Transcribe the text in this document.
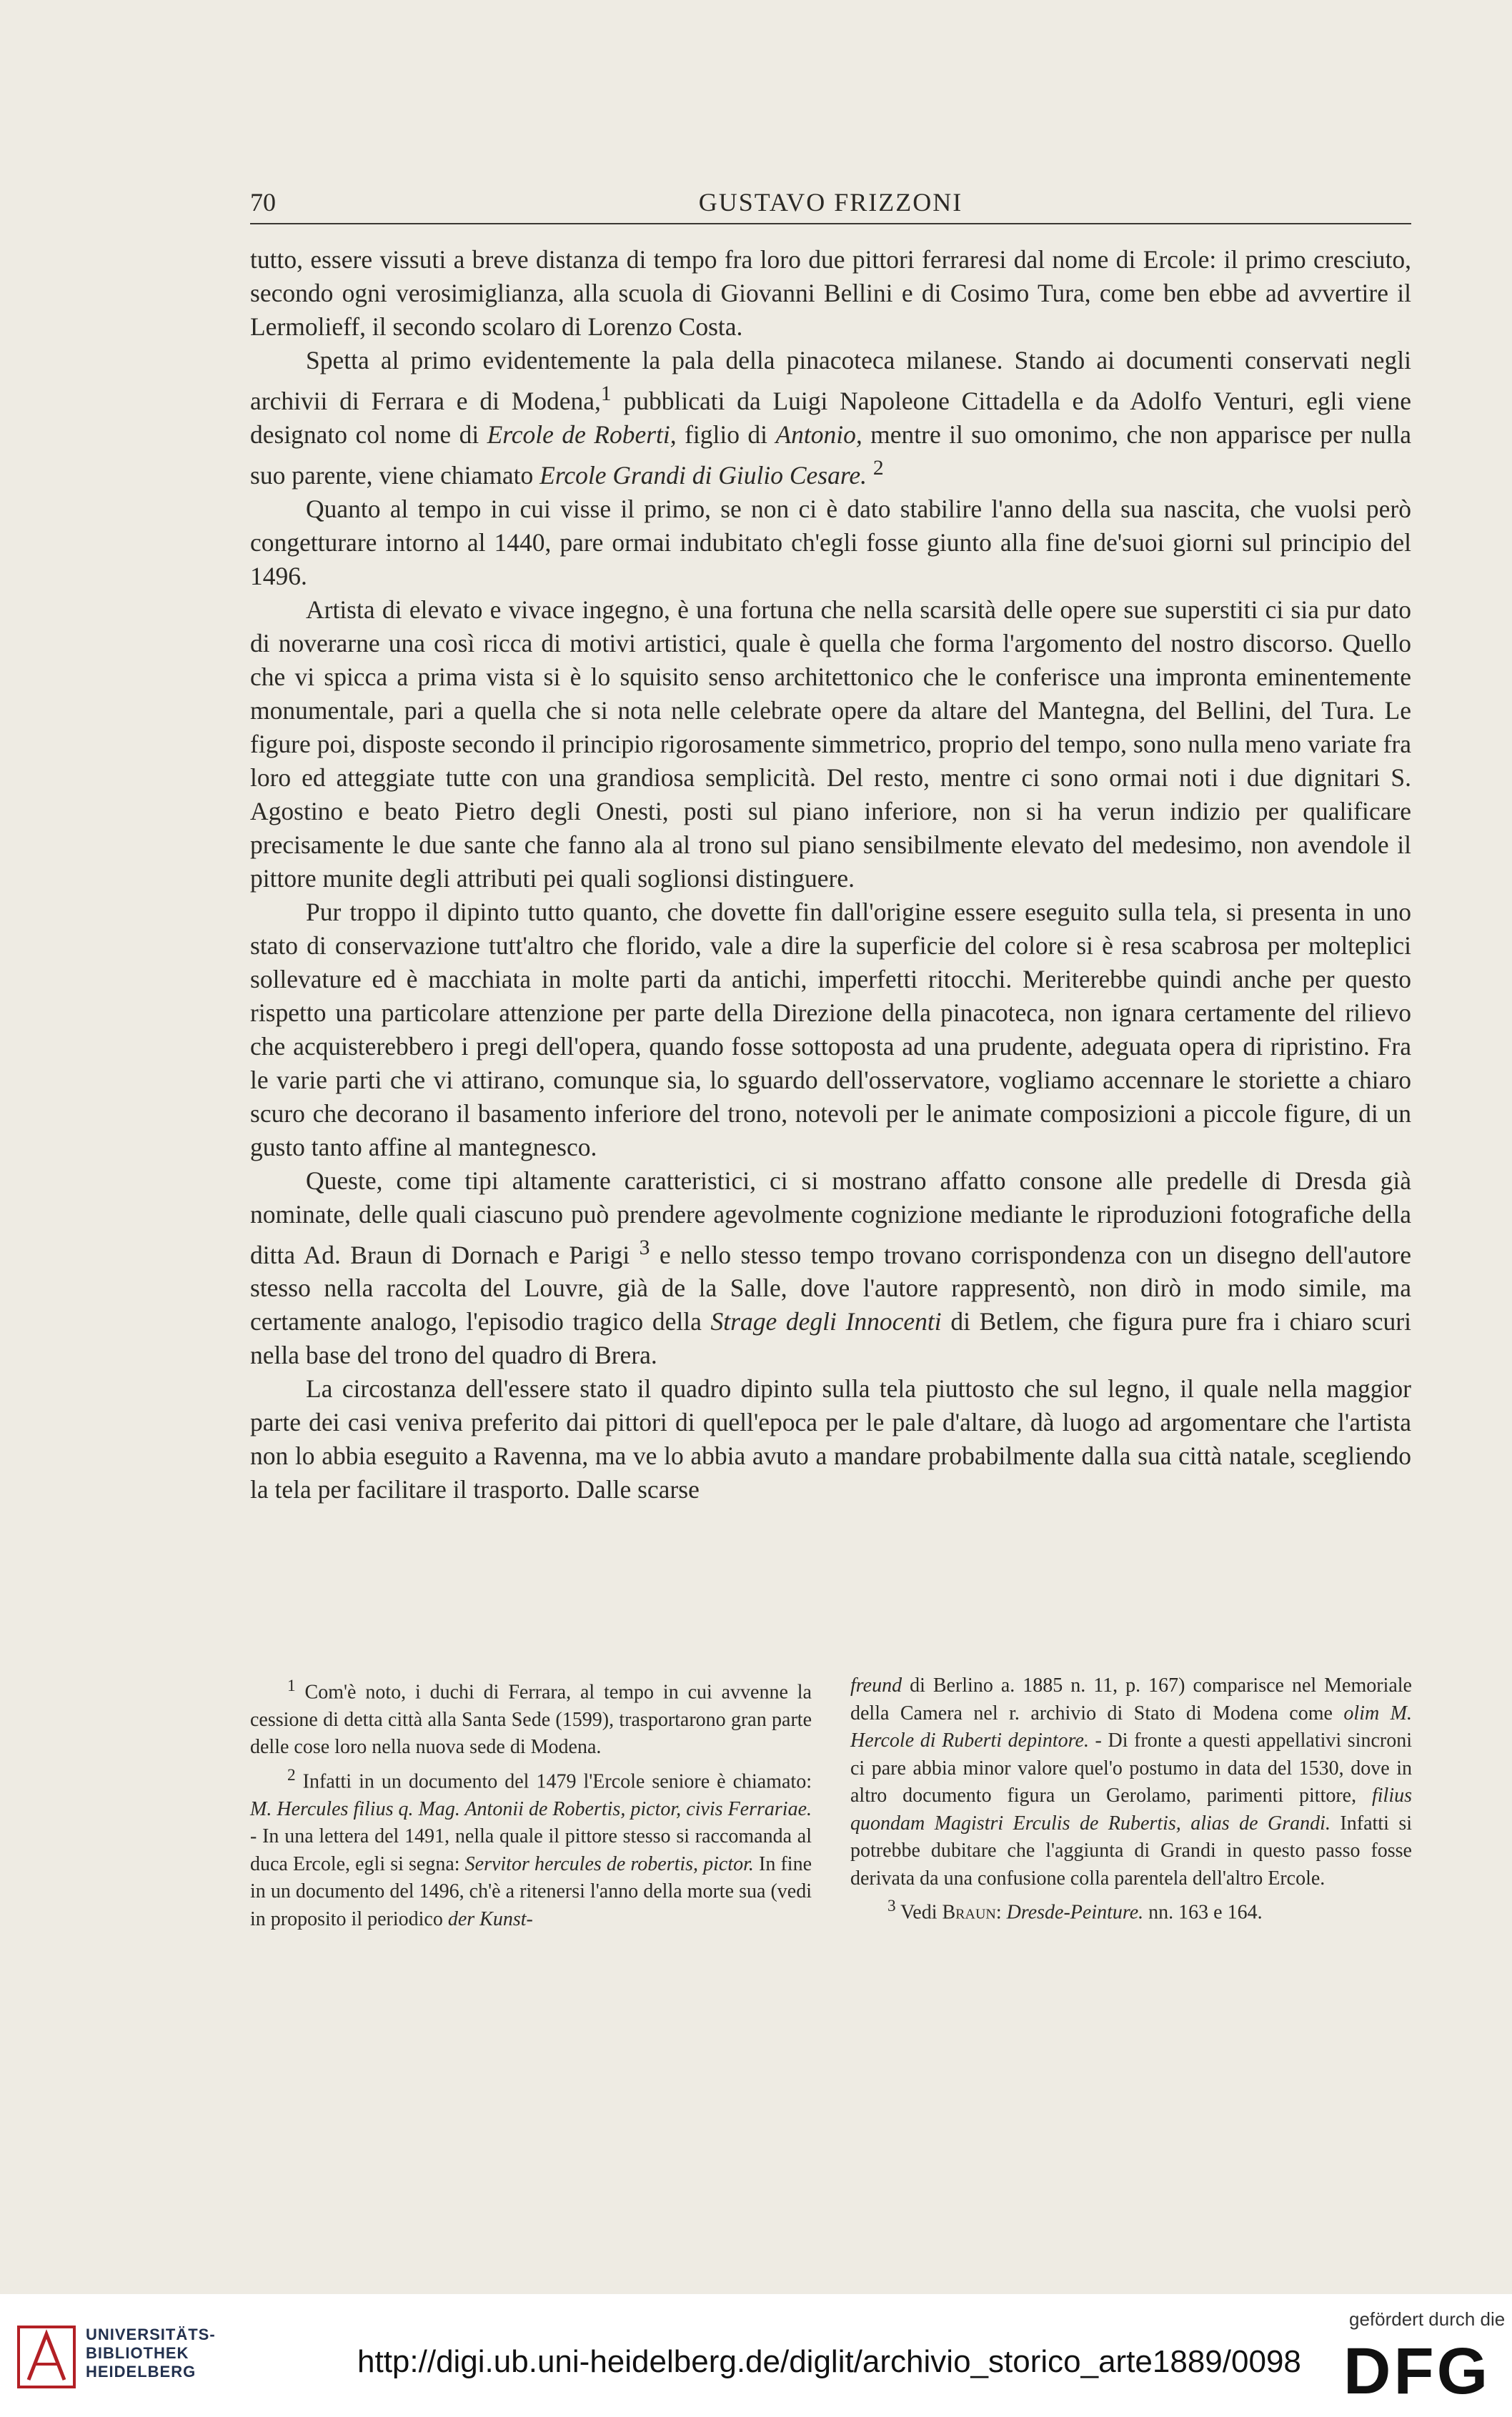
70	GUSTAVO FRIZZONI

tutto, essere vissuti a breve distanza di tempo fra loro due pittori ferraresi dal nome di Ercole: il primo cresciuto, secondo ogni verosimiglianza, alla scuola di Giovanni Bellini e di Cosimo Tura, come ben ebbe ad avvertire il Lermolieff, il secondo scolaro di Lorenzo Costa.

Spetta al primo evidentemente la pala della pinacoteca milanese. Stando ai documenti conservati negli archivii di Ferrara e di Modena,$^1$ pubblicati da Luigi Napoleone Cittadella e da Adolfo Venturi, egli viene designato col nome di Ercole de Roberti, figlio di Antonio, mentre il suo omonimo, che non apparisce per nulla suo parente, viene chiamato Ercole Grandi di Giulio Cesare. $^2$

Quanto al tempo in cui visse il primo, se non ci è dato stabilire l'anno della sua nascita, che vuolsi però congetturare intorno al 1440, pare ormai indubitato ch'egli fosse giunto alla fine de'suoi giorni sul principio del 1496.

Artista di elevato e vivace ingegno, è una fortuna che nella scarsità delle opere sue superstiti ci sia pur dato di noverarne una così ricca di motivi artistici, quale è quella che forma l'argomento del nostro discorso. Quello che vi spicca a prima vista si è lo squisito senso architettonico che le conferisce una impronta eminentemente monumentale, pari a quella che si nota nelle celebrate opere da altare del Mantegna, del Bellini, del Tura. Le figure poi, disposte secondo il principio rigorosamente simmetrico, proprio del tempo, sono nulla meno variate fra loro ed atteggiate tutte con una grandiosa semplicità. Del resto, mentre ci sono ormai noti i due dignitari S. Agostino e beato Pietro degli Onesti, posti sul piano inferiore, non si ha verun indizio per qualificare precisamente le due sante che fanno ala al trono sul piano sensibilmente elevato del medesimo, non avendole il pittore munite degli attributi pei quali soglionsi distinguere.

Pur troppo il dipinto tutto quanto, che dovette fin dall'origine essere eseguito sulla tela, si presenta in uno stato di conservazione tutt'altro che florido, vale a dire la superficie del colore si è resa scabrosa per molteplici sollevature ed è macchiata in molte parti da antichi, imperfetti ritocchi. Meriterebbe quindi anche per questo rispetto una particolare attenzione per parte della Direzione della pinacoteca, non ignara certamente del rilievo che acquisterebbero i pregi dell'opera, quando fosse sottoposta ad una prudente, adeguata opera di ripristino. Fra le varie parti che vi attirano, comunque sia, lo sguardo dell'osservatore, vogliamo accennare le storiette a chiaro scuro che decorano il basamento inferiore del trono, notevoli per le animate composizioni a piccole figure, di un gusto tanto affine al mantegnesco.

Queste, come tipi altamente caratteristici, ci si mostrano affatto consone alle predelle di Dresda già nominate, delle quali ciascuno può prendere agevolmente cognizione mediante le riproduzioni fotografiche della ditta Ad. Braun di Dornach e Parigi $^3$ e nello stesso tempo trovano corrispondenza con un disegno dell'autore stesso nella raccolta del Louvre, già de la Salle, dove l'autore rappresentò, non dirò in modo simile, ma certamente analogo, l'episodio tragico della Strage degli Innocenti di Betlem, che figura pure fra i chiaro scuri nella base del trono del quadro di Brera.

La circostanza dell'essere stato il quadro dipinto sulla tela piuttosto che sul legno, il quale nella maggior parte dei casi veniva preferito dai pittori di quell'epoca per le pale d'altare, dà luogo ad argomentare che l'artista non lo abbia eseguito a Ravenna, ma ve lo abbia avuto a mandare probabilmente dalla sua città natale, scegliendo la tela per facilitare il trasporto. Dalle scarse

$^1$ Com'è noto, i duchi di Ferrara, al tempo in cui avvenne la cessione di detta città alla Santa Sede (1599), trasportarono gran parte delle cose loro nella nuova sede di Modena.

$^2$ Infatti in un documento del 1479 l'Ercole seniore è chiamato: M. Hercules filius q. Mag. Antonii de Robertis, pictor, civis Ferrariae. - In una lettera del 1491, nella quale il pittore stesso si raccomanda al duca Ercole, egli si segna: Servitor hercules de robertis, pictor. In fine in un documento del 1496, ch'è a ritenersi l'anno della morte sua (vedi in proposito il periodico der Kunst-

freund di Berlino a. 1885 n. 11, p. 167) comparisce nel Memoriale della Camera nel r. archivio di Stato di Modena come olim M. Hercole di Ruberti depintore. - Di fronte a questi appellativi sincroni ci pare abbia minor valore quel'o postumo in data del 1530, dove in altro documento figura un Gerolamo, parimenti pittore, filius quondam Magistri Erculis de Rubertis, alias de Grandi. Infatti si potrebbe dubitare che l'aggiunta di Grandi in questo passo fosse derivata da una confusione colla parentela dell'altro Ercole.

$^3$ Vedi Braun: Dresde-Peinture. nn. 163 e 164.

UNIVERSITÄTS-
BIBLIOTHEK
HEIDELBERG	http://digi.ub.uni-heidelberg.de/diglit/archivio_storico_arte1889/0098
gefördert durch die
DFG
